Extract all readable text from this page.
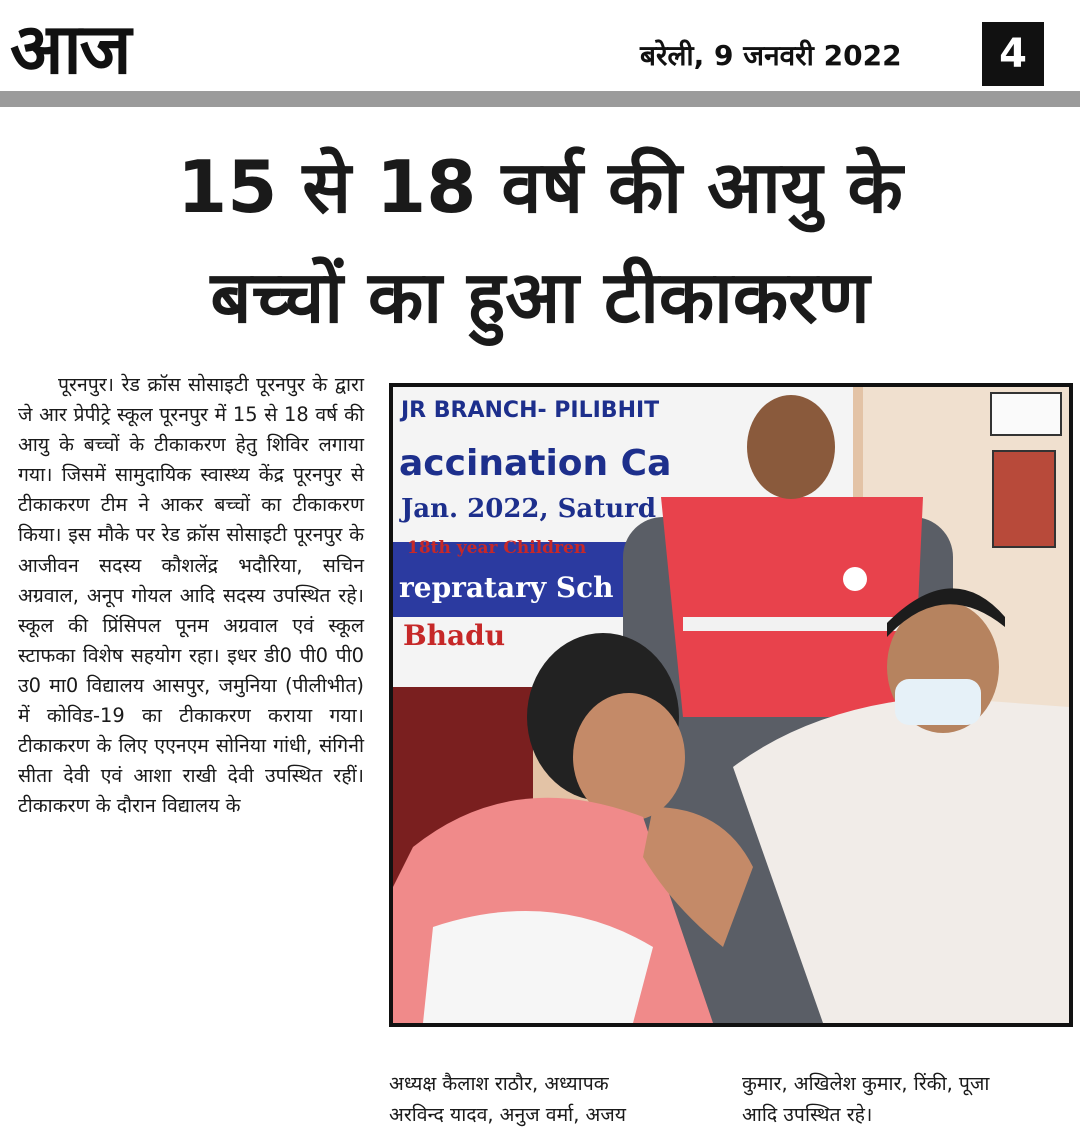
आज	बरेली, 9 जनवरी 2022	4
15 से 18 वर्ष की आयु के
बच्चों का हुआ टीकाकरण

पूरनपुर। रेड क्रॉस सोसाइटी पूरनपुर के द्वारा जे आर प्रेपीट्रे स्कूल पूरनपुर में 15 से 18 वर्ष की आयु के बच्चों के टीकाकरण हेतु शिविर लगाया गया। जिसमें सामुदायिक स्वास्थ्य केंद्र पूरनपुर से टीकाकरण टीम ने आकर बच्चों का टीकाकरण किया। इस मौके पर रेड क्रॉस सोसाइटी पूरनपुर के आजीवन सदस्य कौशलेंद्र भदौरिया, सचिन अग्रवाल, अनूप गोयल आदि सदस्य उपस्थित रहे। स्कूल की प्रिंसिपल पूनम अग्रवाल एवं स्कूल स्टाफका विशेष सहयोग रहा। इधर डी0 पी0 पी0 उ0 मा0 विद्यालय आसपुर, जमुनिया (पीलीभीत) में कोविड-19 का टीकाकरण कराया गया। टीकाकरण के लिए एएनएम सोनिया गांधी, संगिनी सीता देवी एवं आशा राखी देवी उपस्थित रहीं। टीकाकरण के दौरान विद्यालय के

JR BRANCH- PILIBHIT
accination Ca
Jan. 2022, Saturd
18th year Children
repratary Sch
Bhadu
अध्यक्ष कैलाश राठौर, अध्यापक
अरविन्द यादव, अनुज वर्मा, अजय
कुमार, अखिलेश कुमार, रिंकी, पूजा
आदि उपस्थित रहे।
